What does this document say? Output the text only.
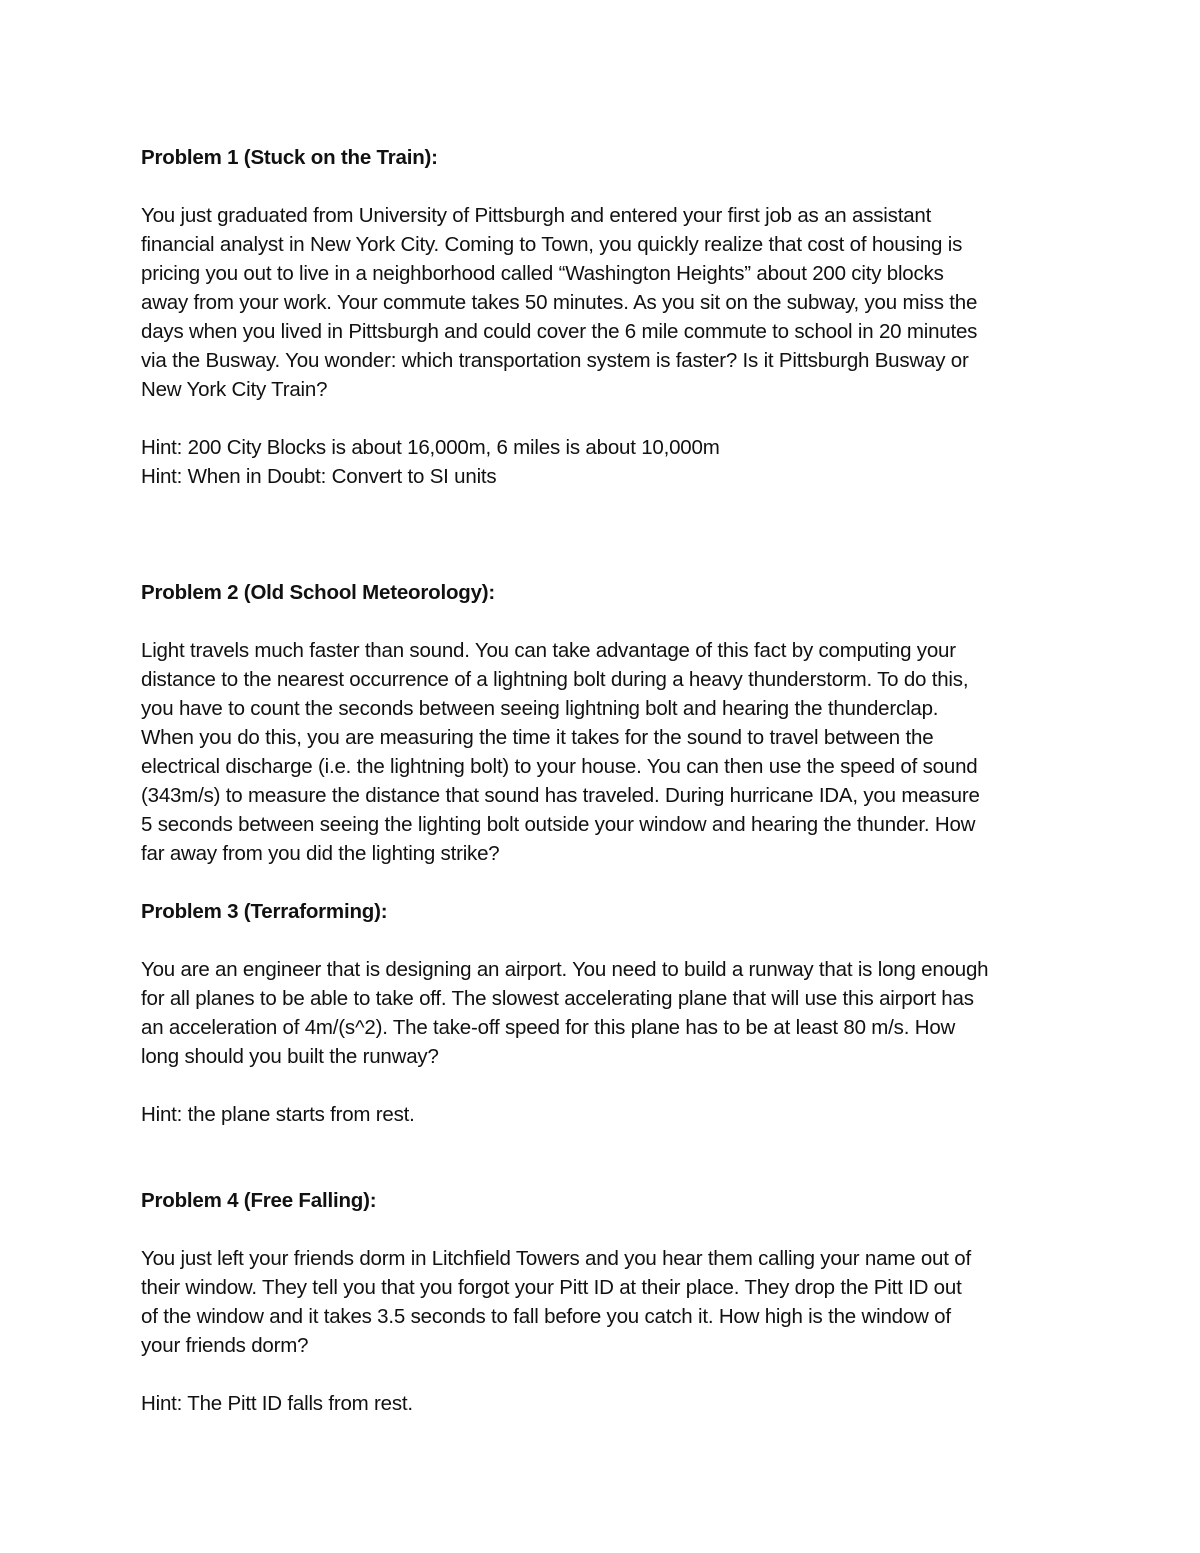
Problem 1 (Stuck on the Train):
You just graduated from University of Pittsburgh and entered your first job as an assistant
financial analyst in New York City. Coming to Town, you quickly realize that cost of housing is
pricing you out to live in a neighborhood called “Washington Heights” about 200 city blocks
away from your work. Your commute takes 50 minutes. As you sit on the subway, you miss the
days when you lived in Pittsburgh and could cover the 6 mile commute to school in 20 minutes
via the Busway. You wonder: which transportation system is faster? Is it Pittsburgh Busway or
New York City Train?
Hint: 200 City Blocks is about 16,000m, 6 miles is about 10,000m
Hint: When in Doubt: Convert to SI units
Problem 2 (Old School Meteorology):
Light travels much faster than sound. You can take advantage of this fact by computing your
distance to the nearest occurrence of a lightning bolt during a heavy thunderstorm. To do this,
you have to count the seconds between seeing lightning bolt and hearing the thunderclap.
When you do this, you are measuring the time it takes for the sound to travel between the
electrical discharge (i.e. the lightning bolt) to your house. You can then use the speed of sound
(343m/s) to measure the distance that sound has traveled. During hurricane IDA, you measure
5 seconds between seeing the lighting bolt outside your window and hearing the thunder. How
far away from you did the lighting strike?
Problem 3 (Terraforming):
You are an engineer that is designing an airport. You need to build a runway that is long enough
for all planes to be able to take off. The slowest accelerating plane that will use this airport has
an acceleration of 4m/(s^2). The take-off speed for this plane has to be at least 80 m/s. How
long should you built the runway?
Hint: the plane starts from rest.
Problem 4 (Free Falling):
You just left your friends dorm in Litchfield Towers and you hear them calling your name out of
their window. They tell you that you forgot your Pitt ID at their place. They drop the Pitt ID out
of the window and it takes 3.5 seconds to fall before you catch it. How high is the window of
your friends dorm?
Hint: The Pitt ID falls from rest.
